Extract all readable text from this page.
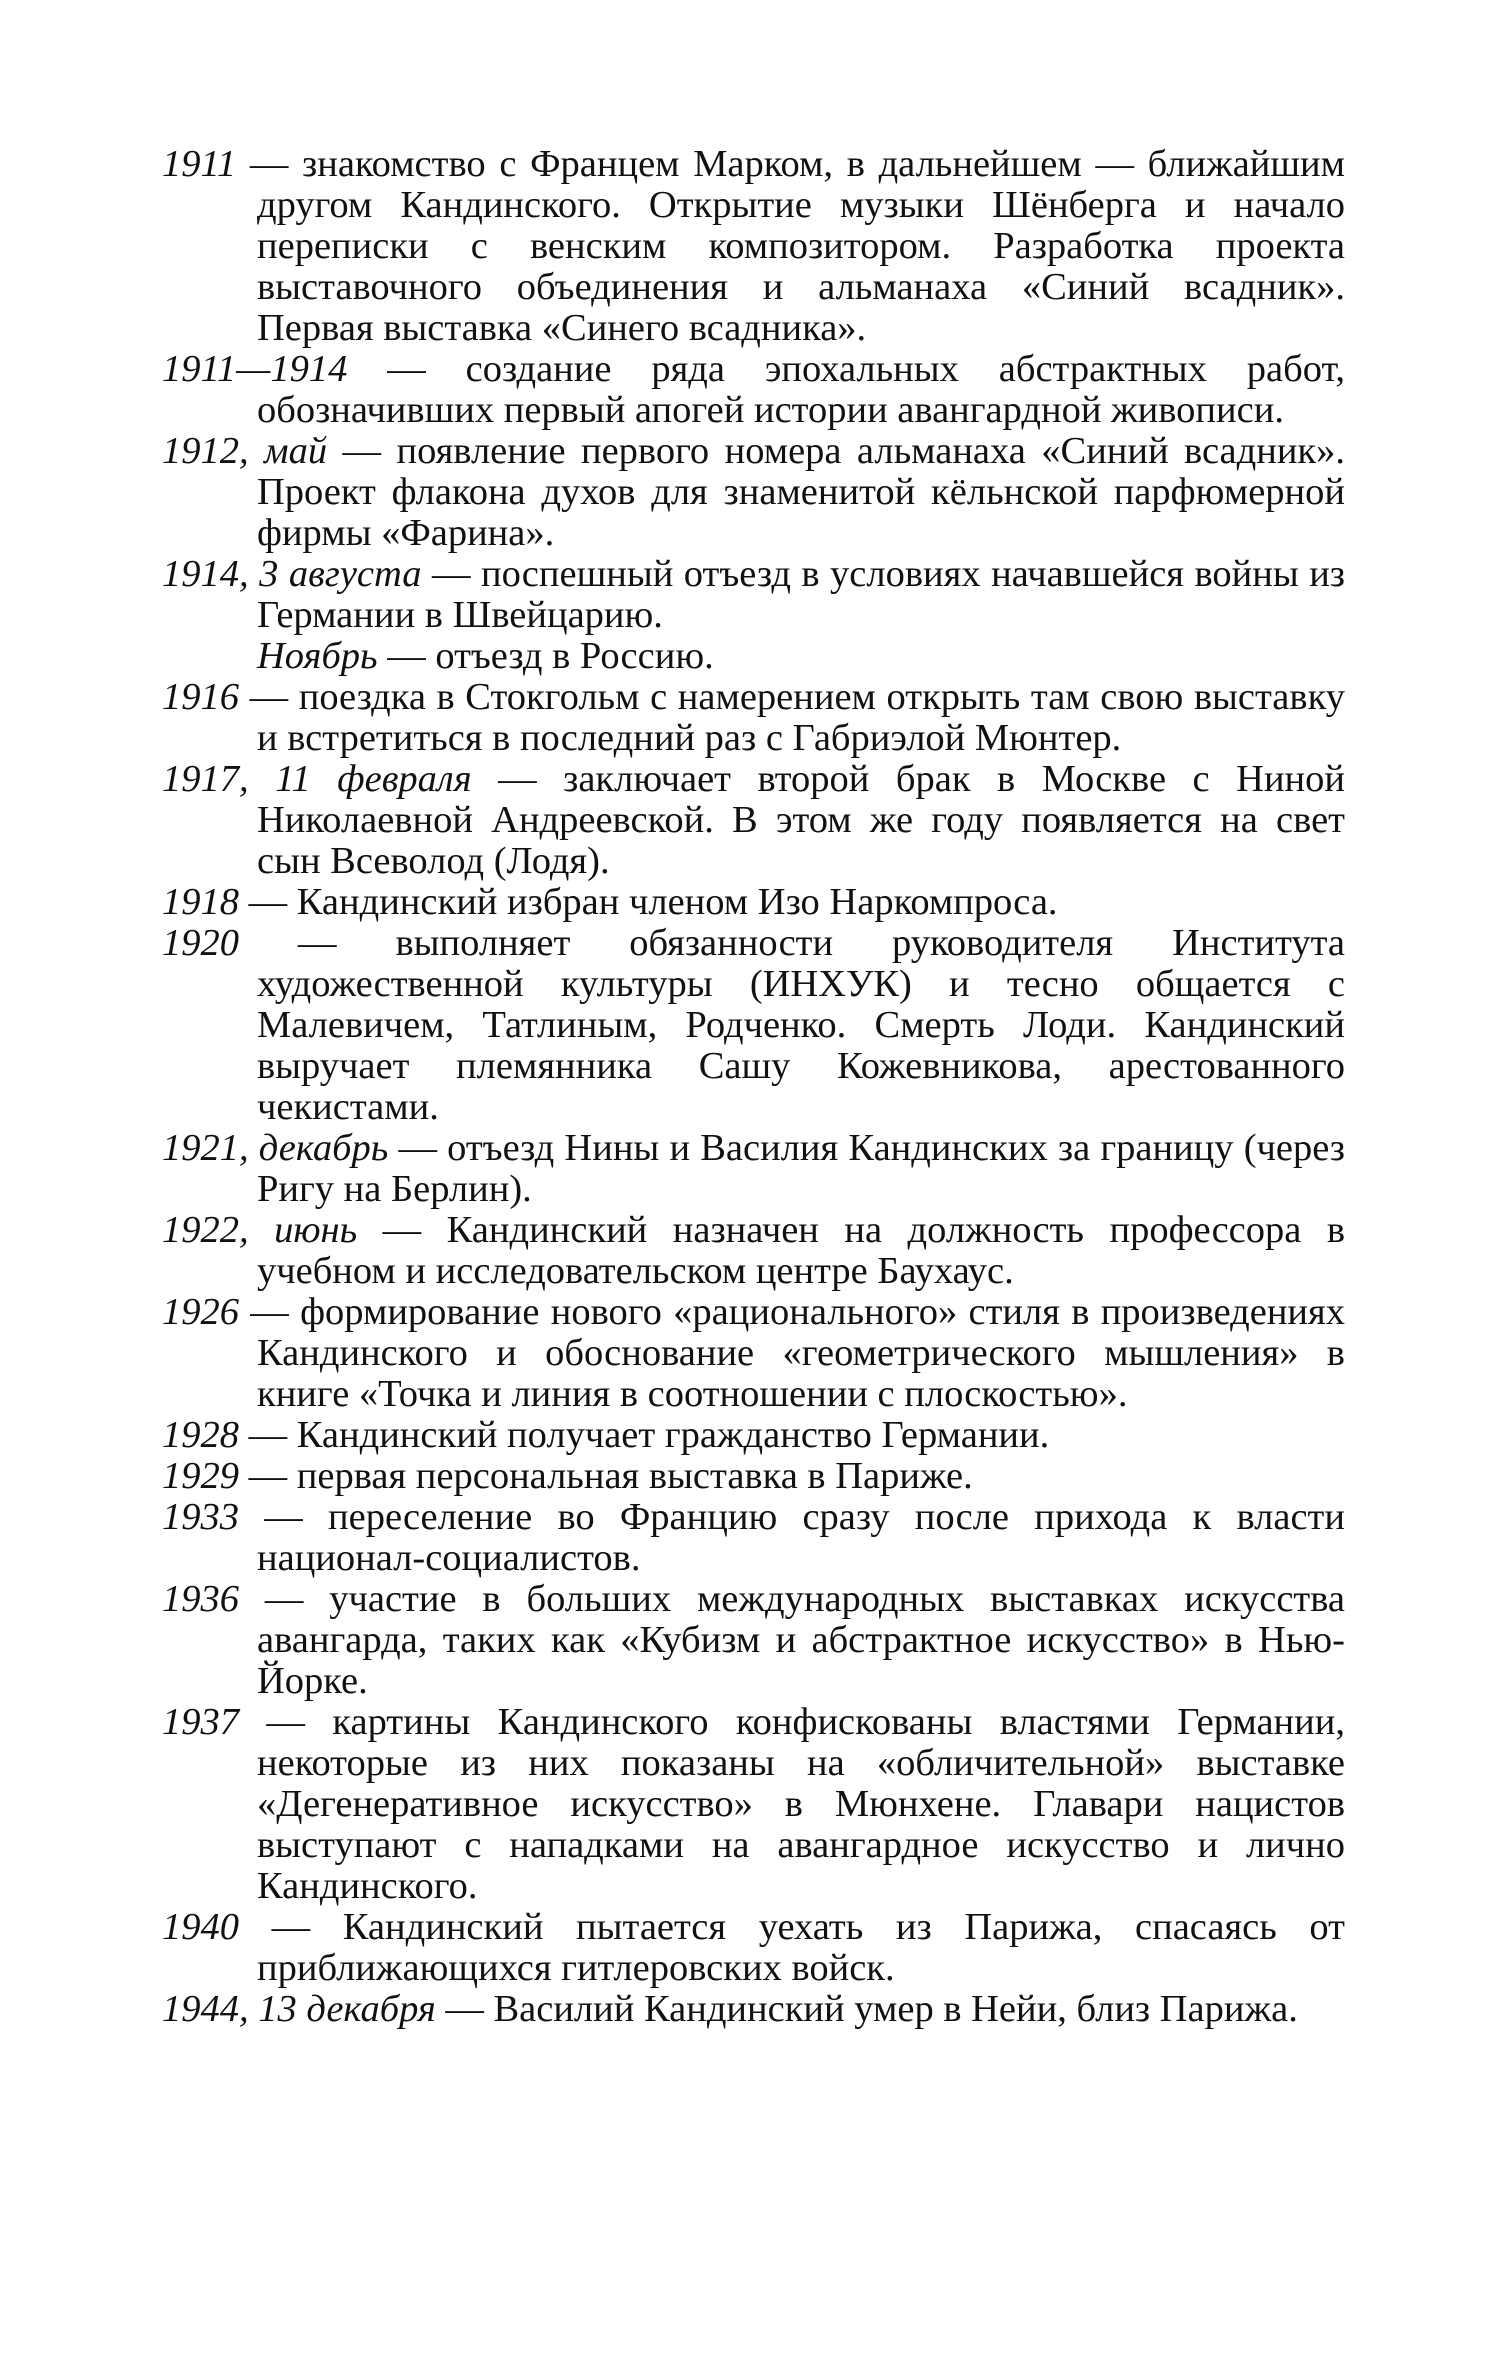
1911 — знакомство с Францем Марком, в дальнейшем — ближайшим другом Кандинского. Открытие музыки Шёнберга и начало переписки с венским композитором. Разработка проекта выставочного объединения и альманаха «Синий всадник». Первая выставка «Синего всадника».

1911—1914 — создание ряда эпохальных абстрактных работ, обозначивших первый апогей истории авангардной живописи.

1912, май — появление первого номера альманаха «Синий всадник». Проект флакона духов для знаменитой кёльнской парфюмерной фирмы «Фарина».

1914, 3 августа — поспешный отъезд в условиях начавшейся войны из Германии в Швейцарию.

Ноябрь — отъезд в Россию.

1916 — поездка в Стокгольм с намерением открыть там свою выставку и встретиться в последний раз с Габриэлой Мюнтер.

1917, 11 февраля — заключает второй брак в Москве с Ниной Николаевной Андреевской. В этом же году появляется на свет сын Всеволод (Лодя).

1918 — Кандинский избран членом Изо Наркомпроса.

1920 — выполняет обязанности руководителя Института художественной культуры (ИНХУК) и тесно общается с Малевичем, Татлиным, Родченко. Смерть Лоди. Кандинский выручает племянника Сашу Кожевникова, арестованного чекистами.

1921, декабрь — отъезд Нины и Василия Кандинских за границу (через Ригу на Берлин).

1922, июнь — Кандинский назначен на должность профессора в учебном и исследовательском центре Баухаус.

1926 — формирование нового «рационального» стиля в произведениях Кандинского и обоснование «геометрического мышления» в книге «Точка и линия в соотношении с плоскостью».

1928 — Кандинский получает гражданство Германии.

1929 — первая персональная выставка в Париже.

1933 — переселение во Францию сразу после прихода к власти национал-социалистов.

1936 — участие в больших международных выставках искусства авангарда, таких как «Кубизм и абстрактное искусство» в Нью-Йорке.

1937 — картины Кандинского конфискованы властями Германии, некоторые из них показаны на «обличительной» выставке «Дегенеративное искусство» в Мюнхене. Главари нацистов выступают с нападками на авангардное искусство и лично Кандинского.

1940 — Кандинский пытается уехать из Парижа, спасаясь от приближающихся гитлеровских войск.

1944, 13 декабря — Василий Кандинский умер в Нейи, близ Парижа.
